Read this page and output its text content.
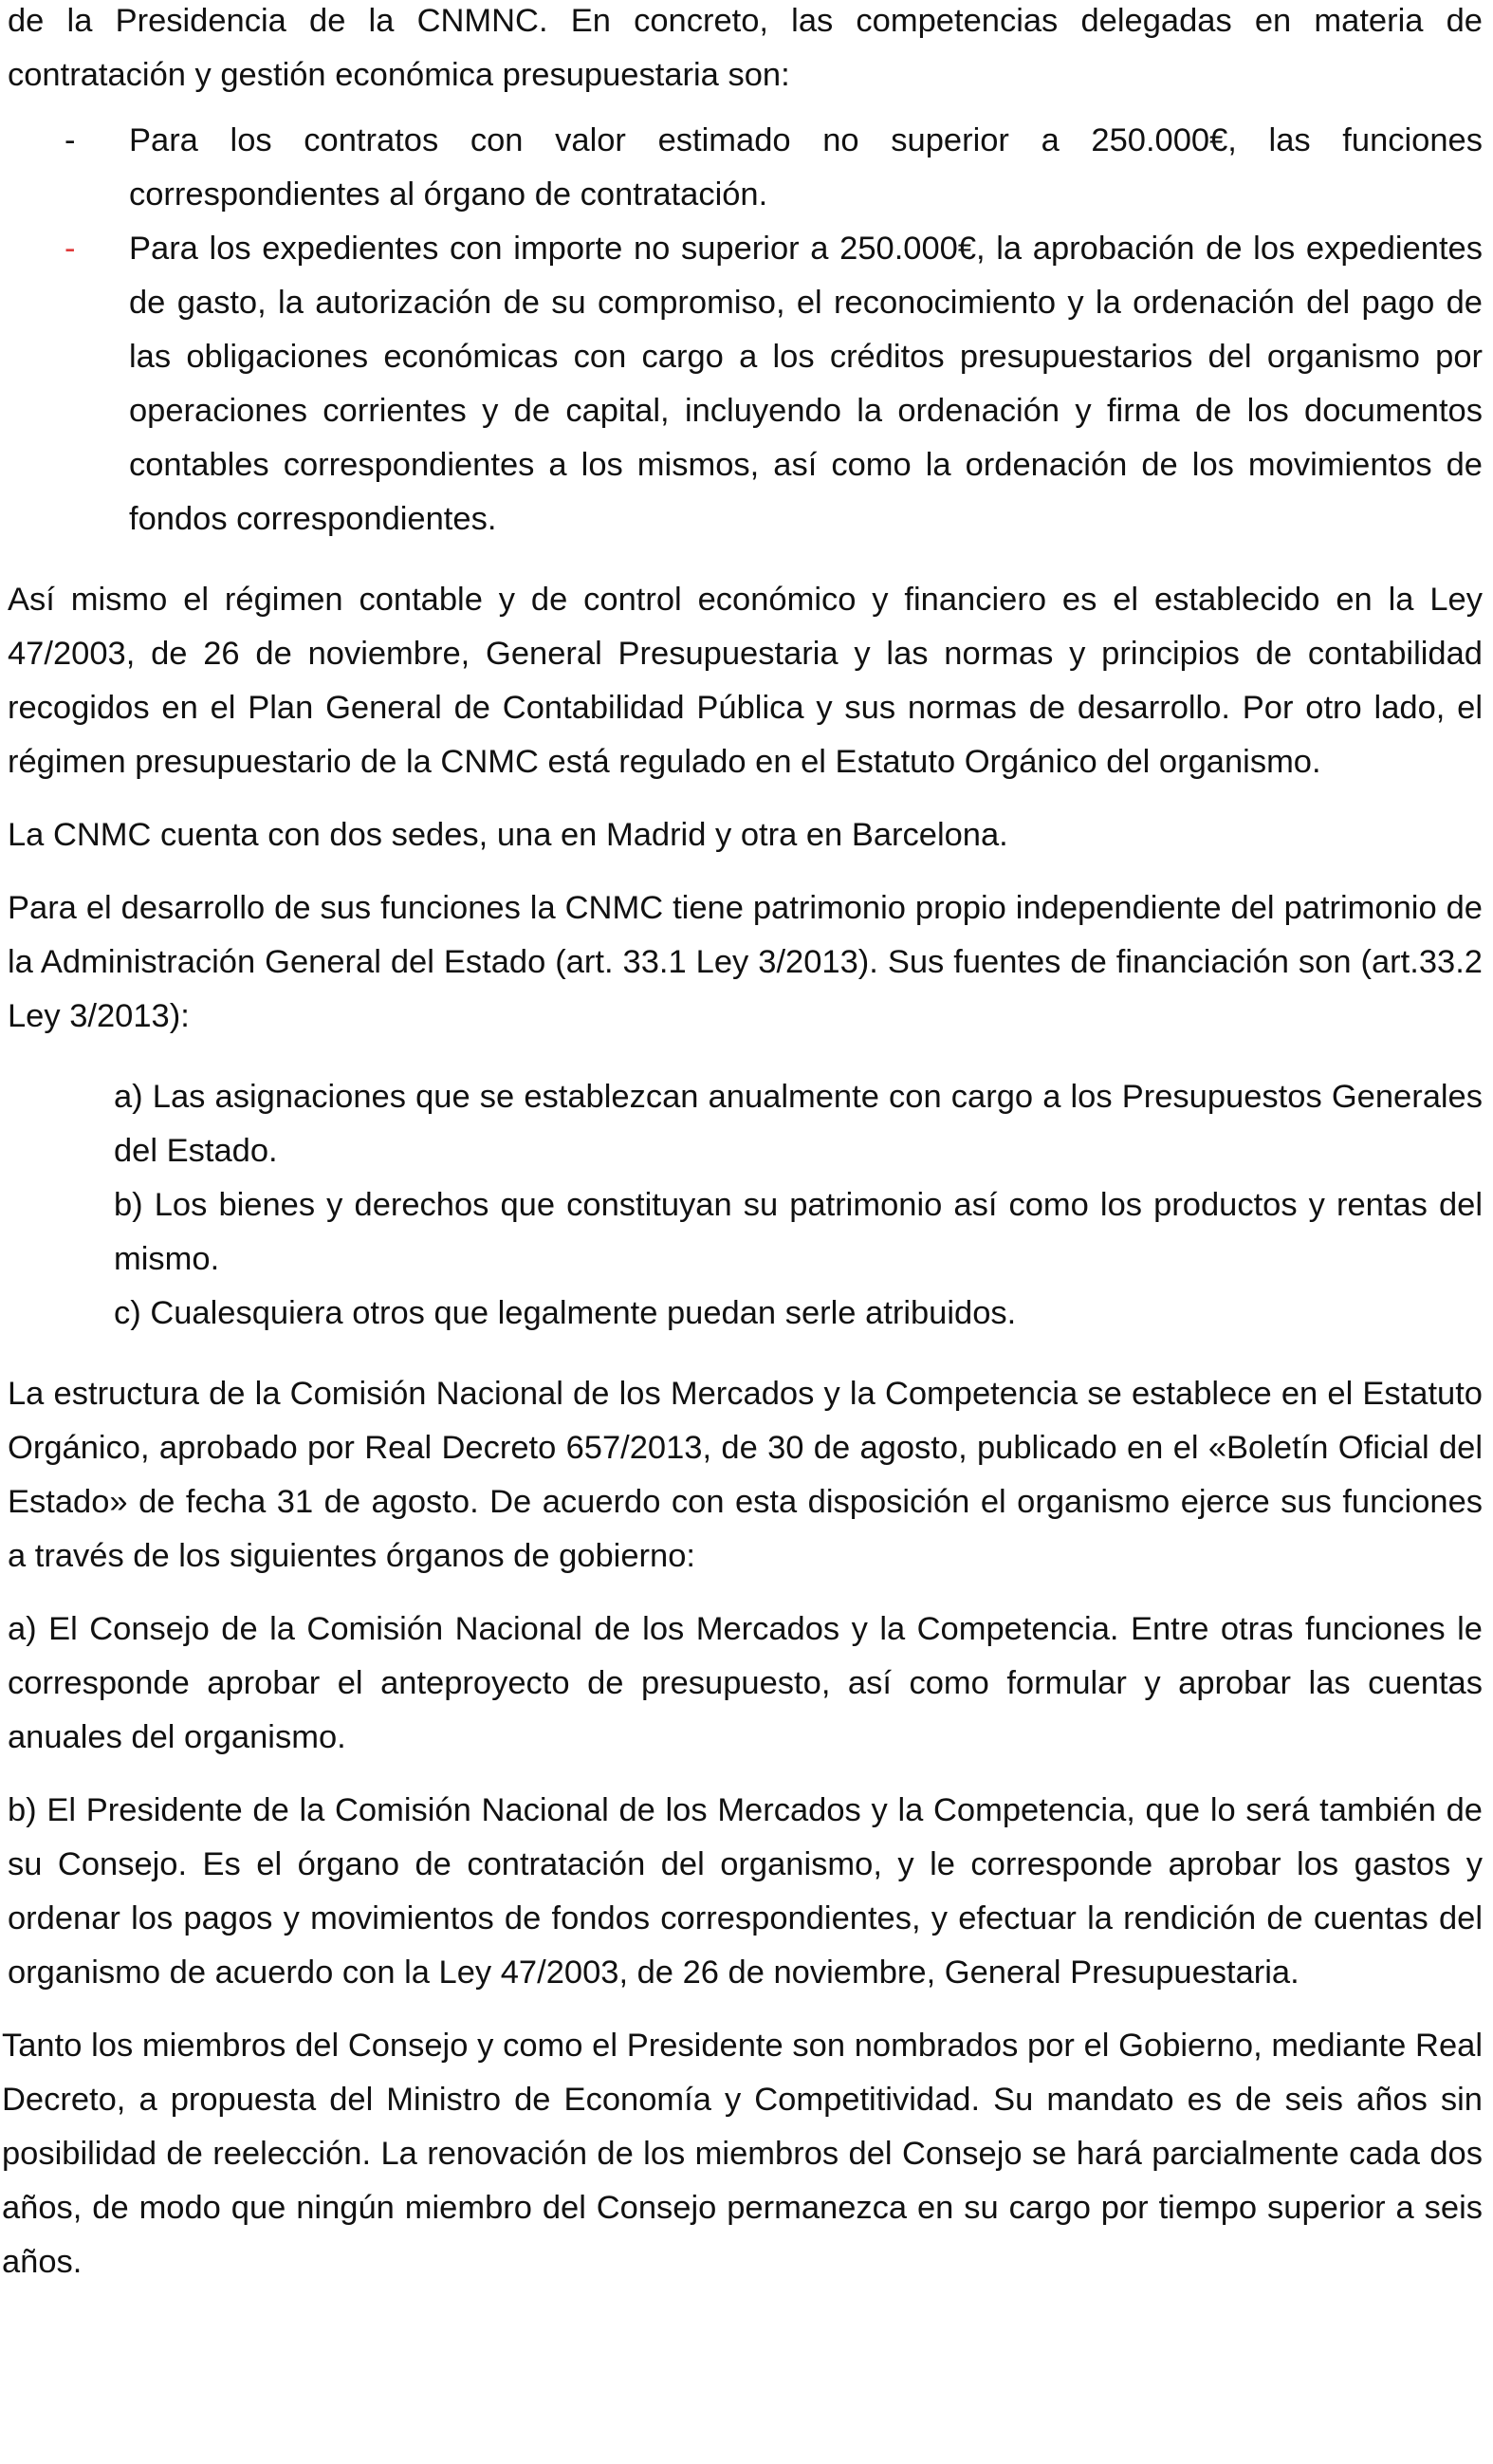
de la Presidencia de la CNMNC. En concreto, las competencias delegadas en materia de contratación y gestión económica presupuestaria son:

- Para los contratos con valor estimado no superior a 250.000€, las funciones correspondientes al órgano de contratación.
- Para los expedientes con importe no superior a 250.000€, la aprobación de los expedientes de gasto, la autorización de su compromiso, el reconocimiento y la ordenación del pago de las obligaciones económicas con cargo a los créditos presupuestarios del organismo por operaciones corrientes y de capital, incluyendo la ordenación y firma de los documentos contables correspondientes a los mismos, así como la ordenación de los movimientos de fondos correspondientes.

Así mismo el régimen contable y de control económico y financiero es el establecido en la Ley 47/2003, de 26 de noviembre, General Presupuestaria y las normas y principios de contabilidad recogidos en el Plan General de Contabilidad Pública y sus normas de desarrollo. Por otro lado, el régimen presupuestario de la CNMC está regulado en el Estatuto Orgánico del organismo.

La CNMC cuenta con dos sedes, una en Madrid y otra en Barcelona.

Para el desarrollo de sus funciones la CNMC tiene patrimonio propio independiente del patrimonio de la Administración General del Estado (art. 33.1 Ley 3/2013). Sus fuentes de financiación son (art.33.2 Ley 3/2013):

a) Las asignaciones que se establezcan anualmente con cargo a los Presupuestos Generales del Estado.
b) Los bienes y derechos que constituyan su patrimonio así como los productos y rentas del mismo.
c) Cualesquiera otros que legalmente puedan serle atribuidos.

La estructura de la Comisión Nacional de los Mercados y la Competencia se establece en el Estatuto Orgánico, aprobado por Real Decreto 657/2013, de 30 de agosto, publicado en el «Boletín Oficial del Estado» de fecha 31 de agosto. De acuerdo con esta disposición el organismo ejerce sus funciones a través de los siguientes órganos de gobierno:

a) El Consejo de la Comisión Nacional de los Mercados y la Competencia. Entre otras funciones le corresponde aprobar el anteproyecto de presupuesto, así como formular y aprobar las cuentas anuales del organismo.

b) El Presidente de la Comisión Nacional de los Mercados y la Competencia, que lo será también de su Consejo. Es el órgano de contratación del organismo, y le corresponde aprobar los gastos y ordenar los pagos y movimientos de fondos correspondientes, y efectuar la rendición de cuentas del organismo de acuerdo con la Ley 47/2003, de 26 de noviembre, General Presupuestaria.

Tanto los miembros del Consejo y como el Presidente son nombrados por el Gobierno, mediante Real Decreto, a propuesta del Ministro de Economía y Competitividad. Su mandato es de seis años sin posibilidad de reelección. La renovación de los miembros del Consejo se hará parcialmente cada dos años, de modo que ningún miembro del Consejo permanezca en su cargo por tiempo superior a seis años.
